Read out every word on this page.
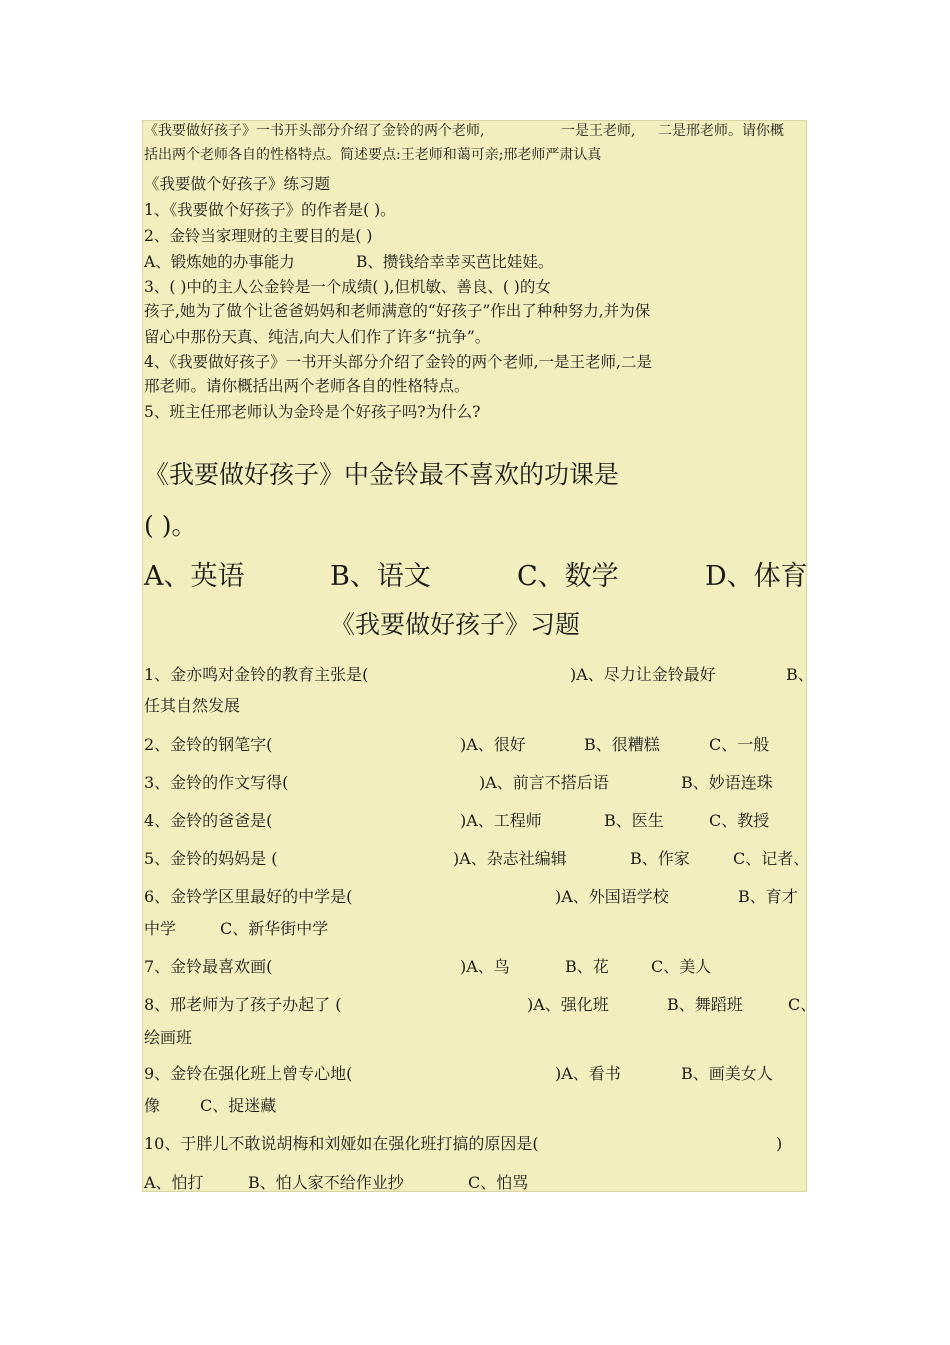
《我要做好孩子》一书开头部分介绍了金铃的两个老师,	一是王老师, 二是邢老师。请你概
括出两个老师各自的性格特点。简述要点:王老师和蔼可亲;邢老师严肃认真
《我要做个好孩子》练习题
1、《我要做个好孩子》的作者是( )。
2、金铃当家理财的主要目的是( )
A、锻炼她的办事能力	B、攒钱给幸幸买芭比娃娃。
3、( )中的主人公金铃是一个成绩( ),但机敏、善良、( )的女
孩子,她为了做个让爸爸妈妈和老师满意的“好孩子”作出了种种努力,并为保
留心中那份天真、纯洁,向大人们作了许多“抗争”。
4、《我要做好孩子》一书开头部分介绍了金铃的两个老师,一是王老师,二是
邢老师。请你概括出两个老师各自的性格特点。
5、班主任邢老师认为金玲是个好孩子吗?为什么?
《我要做好孩子》中金铃最不喜欢的功课是
( )。
A、英语	B、语文	C、数学	D、体育
《我要做好孩子》习题
1、金亦鸣对金铃的教育主张是(	)A、尽力让金铃最好	B、
任其自然发展
2、金铃的钢笔字(	)A、很好	B、很糟糕	C、一般
3、金铃的作文写得(	)A、前言不搭后语	B、妙语连珠
4、金铃的爸爸是(	)A、工程师	B、医生	C、教授
5、金铃的妈妈是 (	)A、杂志社编辑	B、作家	C、记者、
6、金铃学区里最好的中学是(	)A、外国语学校	B、育才
中学	C、新华街中学
7、金铃最喜欢画(	)A、鸟	B、花	C、美人
8、邢老师为了孩子办起了 (	)A、强化班	B、舞蹈班	C、
绘画班
9、金铃在强化班上曾专心地(	)A、看书	B、画美女人
像 C、捉迷藏
10、于胖儿不敢说胡梅和刘娅如在强化班打搞的原因是(	)
A、怕打	B、怕人家不给作业抄	C、怕骂
